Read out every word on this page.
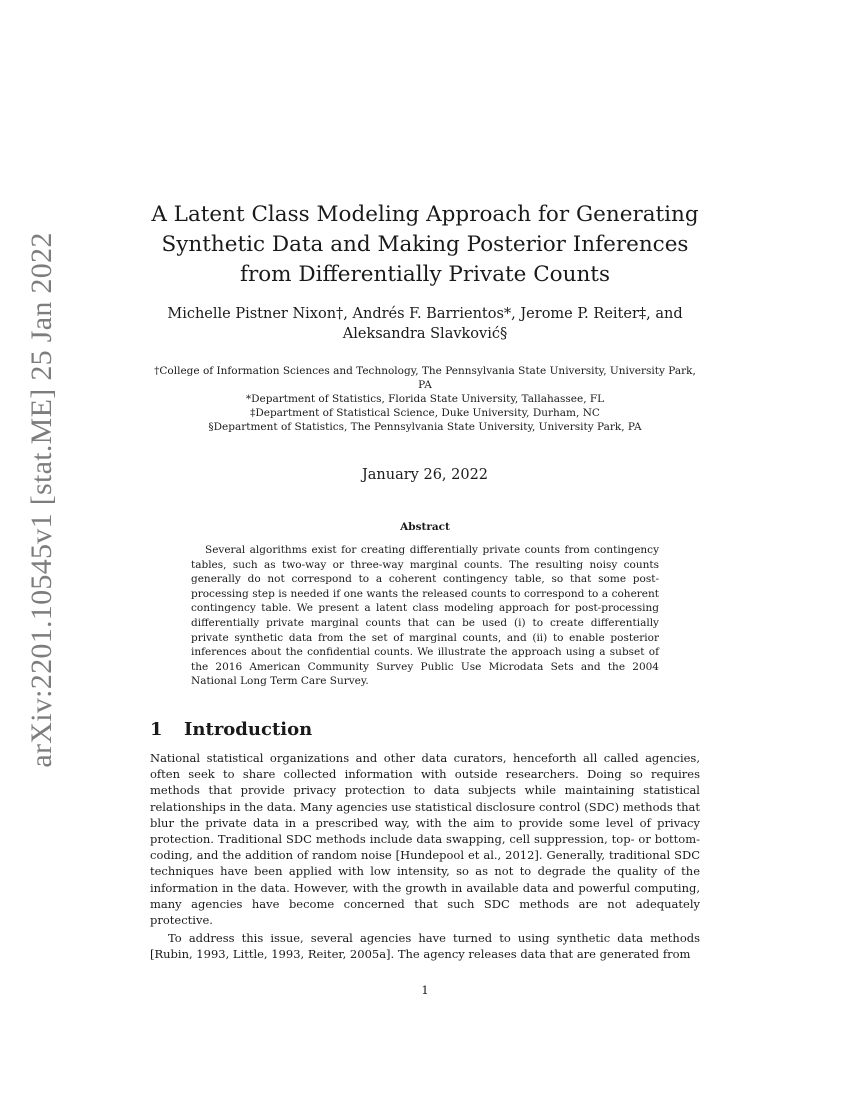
arXiv:2201.10545v1 [stat.ME] 25 Jan 2022
A Latent Class Modeling Approach for Generating Synthetic Data and Making Posterior Inferences from Differentially Private Counts
Michelle Pistner Nixon†, Andrés F. Barrientos*, Jerome P. Reiter‡, and
Aleksandra Slavković§
†College of Information Sciences and Technology, The Pennsylvania State University, University Park, PA
*Department of Statistics, Florida State University, Tallahassee, FL
‡Department of Statistical Science, Duke University, Durham, NC
§Department of Statistics, The Pennsylvania State University, University Park, PA
January 26, 2022
Abstract

Several algorithms exist for creating differentially private counts from contingency tables, such as two-way or three-way marginal counts. The resulting noisy counts generally do not correspond to a coherent contingency table, so that some post-processing step is needed if one wants the released counts to correspond to a coherent contingency table. We present a latent class modeling approach for post-processing differentially private marginal counts that can be used (i) to create differentially private synthetic data from the set of marginal counts, and (ii) to enable posterior inferences about the confidential counts. We illustrate the approach using a subset of the 2016 American Community Survey Public Use Microdata Sets and the 2004 National Long Term Care Survey.

1 Introduction

National statistical organizations and other data curators, henceforth all called agencies, often seek to share collected information with outside researchers. Doing so requires methods that provide privacy protection to data subjects while maintaining statistical relationships in the data. Many agencies use statistical disclosure control (SDC) methods that blur the private data in a prescribed way, with the aim to provide some level of privacy protection. Traditional SDC methods include data swapping, cell suppression, top- or bottom- coding, and the addition of random noise [Hundepool et al., 2012]. Generally, traditional SDC techniques have been applied with low intensity, so as not to degrade the quality of the information in the data. However, with the growth in available data and powerful computing, many agencies have become concerned that such SDC methods are not adequately protective.

To address this issue, several agencies have turned to using synthetic data methods [Rubin, 1993, Little, 1993, Reiter, 2005a]. The agency releases data that are generated from

1
